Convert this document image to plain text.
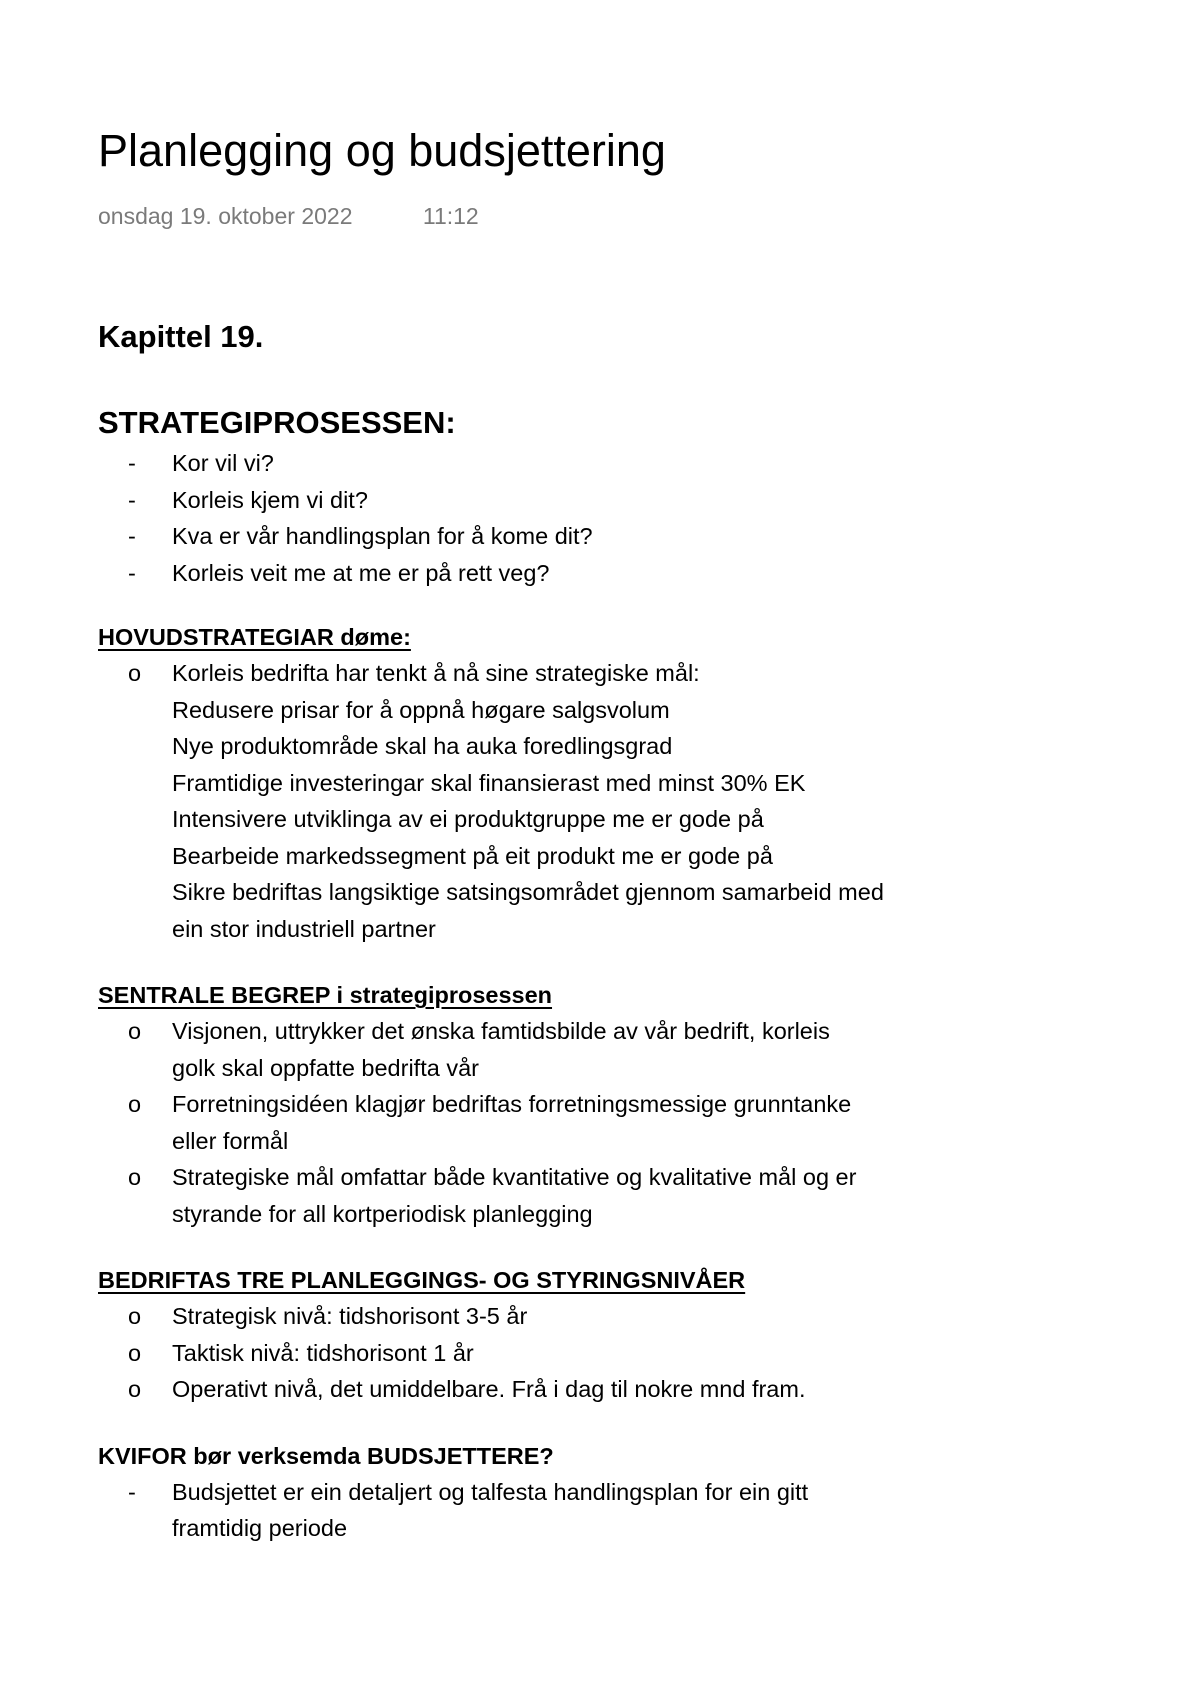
Planlegging og budsjettering
onsdag 19. oktober 2022	11:12
Kapittel 19.
STRATEGIPROSESSEN:
-	Kor vil vi?
-	Korleis kjem vi dit?
-	Kva er vår handlingsplan for å kome dit?
-	Korleis veit me at me er på rett veg?
HOVUDSTRATEGIAR døme:
o	Korleis bedrifta har tenkt å nå sine strategiske mål:
Redusere prisar for å oppnå høgare salgsvolum
Nye produktområde skal ha auka foredlingsgrad
Framtidige investeringar skal finansierast med minst 30% EK
Intensivere utviklinga av ei produktgruppe me er gode på
Bearbeide markedssegment på eit produkt me er gode på
Sikre bedriftas langsiktige satsingsområdet gjennom samarbeid med
ein stor industriell partner
SENTRALE BEGREP i strategiprosessen
o	Visjonen, uttrykker det ønska famtidsbilde av vår bedrift, korleis
golk skal oppfatte bedrifta vår
o	Forretningsidéen klagjør bedriftas forretningsmessige grunntanke
eller formål
o	Strategiske mål omfattar både kvantitative og kvalitative mål og er
styrande for all kortperiodisk planlegging
BEDRIFTAS TRE PLANLEGGINGS- OG STYRINGSNIVÅER
o	Strategisk nivå: tidshorisont 3-5 år
o	Taktisk nivå: tidshorisont 1 år
o	Operativt nivå, det umiddelbare. Frå i dag til nokre mnd fram.
KVIFOR bør verksemda BUDSJETTERE?
-	Budsjettet er ein detaljert og talfesta handlingsplan for ein gitt
framtidig periode
